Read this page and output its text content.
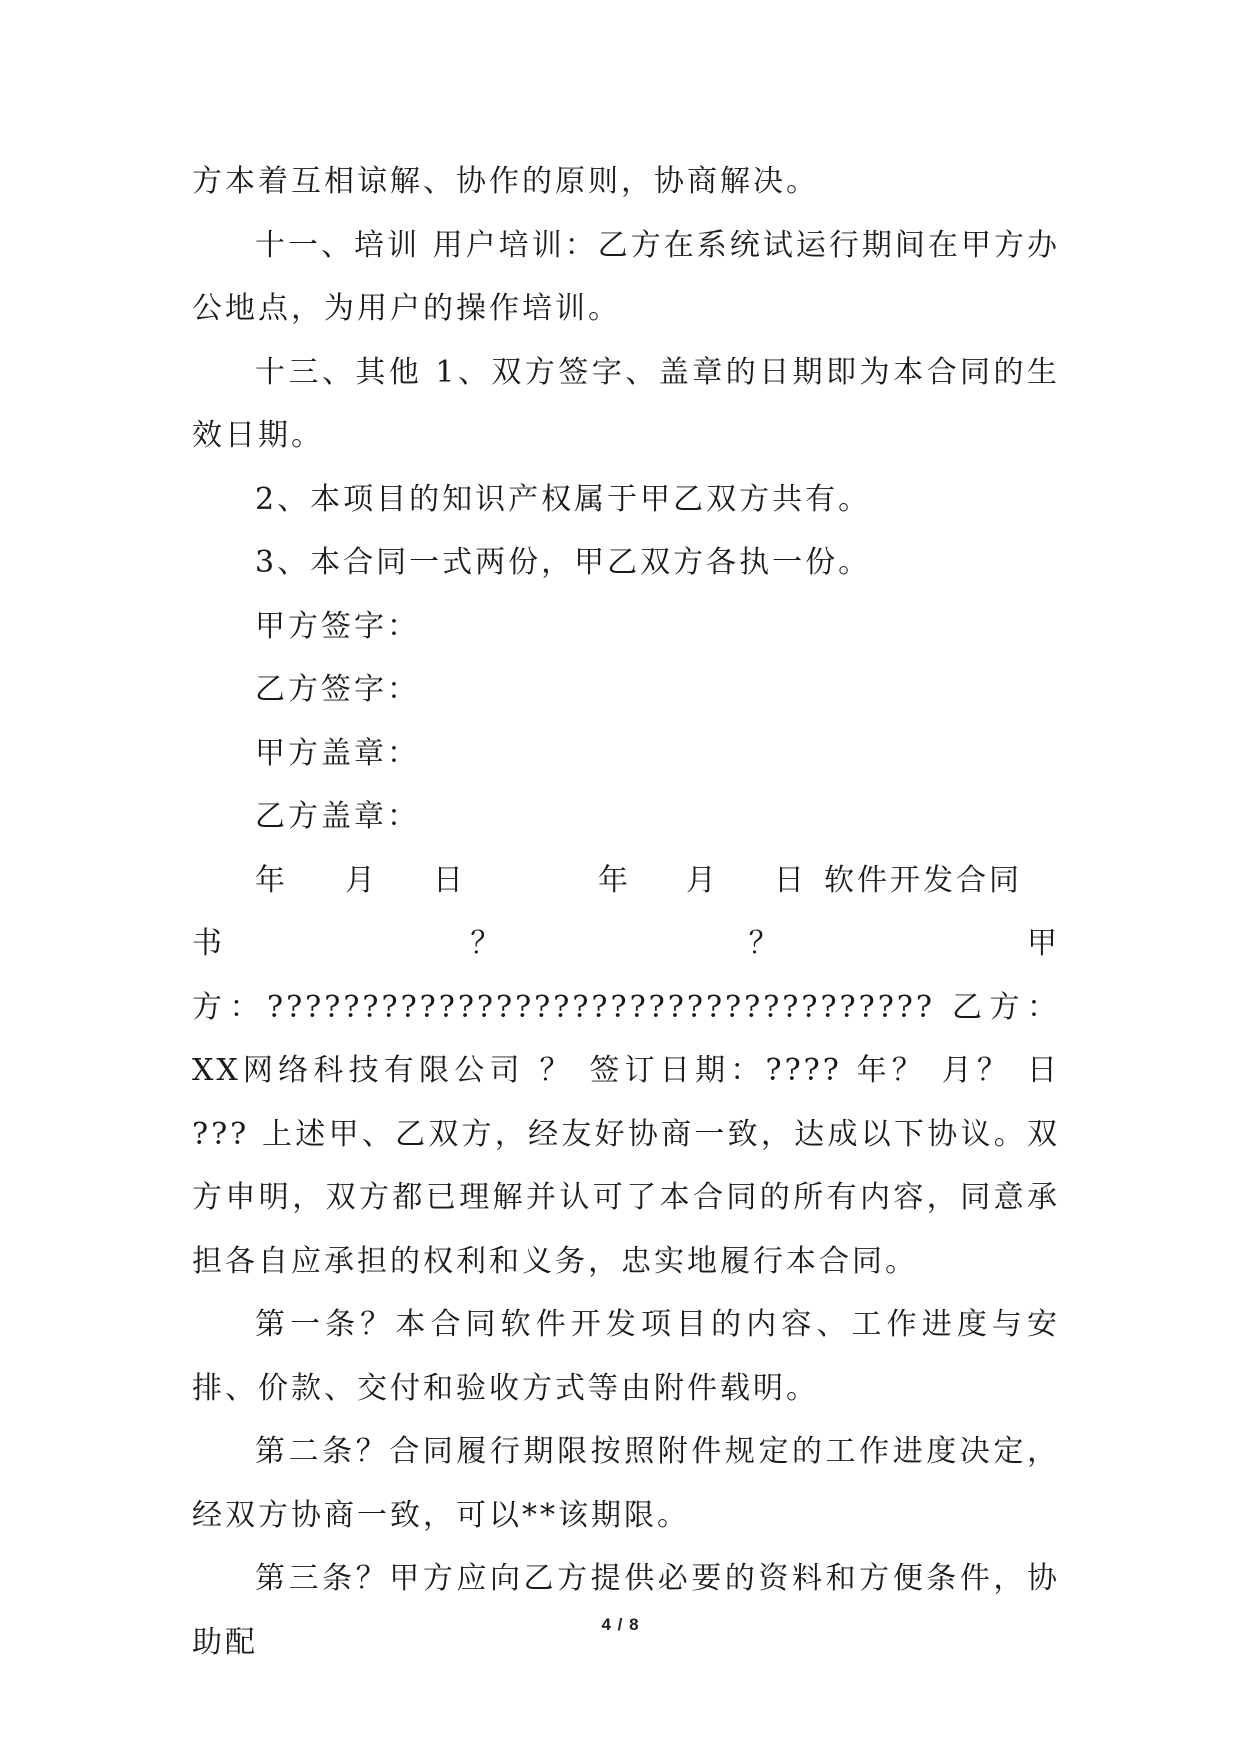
方本着互相谅解、协作的原则，协商解决。

十一、培训 用户培训：乙方在系统试运行期间在甲方办公地点，为用户的操作培训。

十三、其他 1、双方签字、盖章的日期即为本合同的生效日期。

2、本项目的知识产权属于甲乙双方共有。

3、本合同一式两份，甲乙双方各执一份。

甲方签字：

乙方签字：

甲方盖章：

乙方盖章：

年	月	日	年	月	日 软件开发合同

书 ？ ？ 甲方：??????????????????????????????????? 乙方：XX网络科技有限公司 ？ 签订日期：???? 年？ 月？ 日 ??? 上述甲、乙双方，经友好协商一致，达成以下协议。双方申明，双方都已理解并认可了本合同的所有内容，同意承担各自应承担的权利和义务，忠实地履行本合同。

第一条？本合同软件开发项目的内容、工作进度与安排、价款、交付和验收方式等由附件载明。

第二条？合同履行期限按照附件规定的工作进度决定，经双方协商一致，可以**该期限。

第三条？甲方应向乙方提供必要的资料和方便条件，协助配	4 / 8
